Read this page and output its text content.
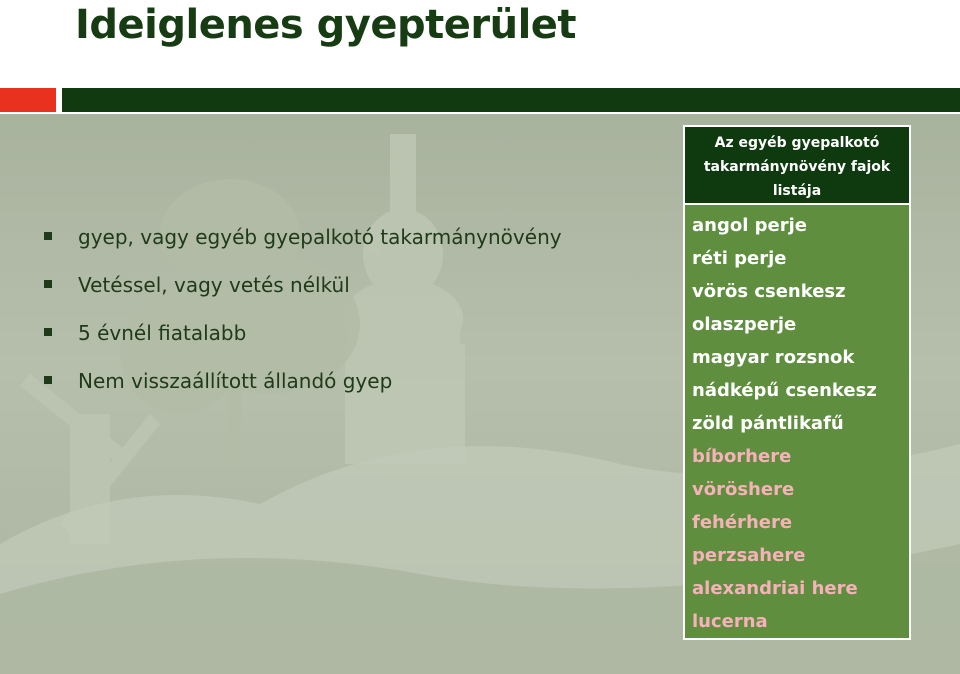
Ideiglenes gyepterület
gyep, vagy egyéb gyepalkotó takarmánynövény
Vetéssel, vagy vetés nélkül
5 évnél fiatalabb
Nem visszaállított állandó gyep
Az egyéb gyepalkotó takarmánynövény fajok listája
angol perje
réti perje
vörös csenkesz
olaszperje
magyar rozsnok
nádképű csenkesz
zöld pántlikafű
bíborhere
vöröshere
fehérhere
perzsahere
alexandriai here
lucerna
